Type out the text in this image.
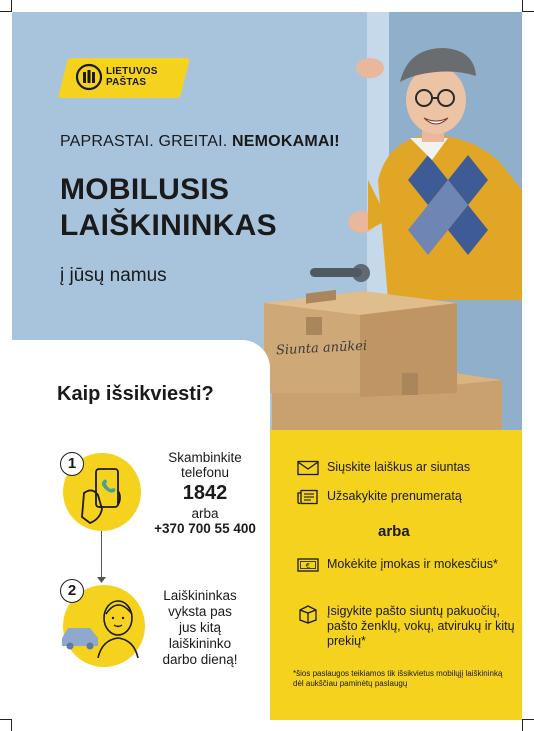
LIETUVOS
PAŠTAS
PAPRASTAI. GREITAI. NEMOKAMAI!
MOBILUSIS
LAIŠKININKAS
į jūsų namus
Siunta anūkei
Kaip išsikviesti?
1	Skambinkite
telefonu
1842
arba
+370 700 55 400
2	Laiškininkas
vyksta pas
jus kitą
laiškininko
darbo dieną!
Siųskite laiškus ar siuntas
Užsakykite prenumeratą
arba
€ Mokėkite įmokas ir mokesčius*
Įsigykite pašto siuntų pakuočių, pašto ženklų, vokų, atvirukų ir kitų prekių*
*šios paslaugos teikiamos tik išsikvietus mobilųjį laiškininką dėl aukščiau paminėtų paslaugų
